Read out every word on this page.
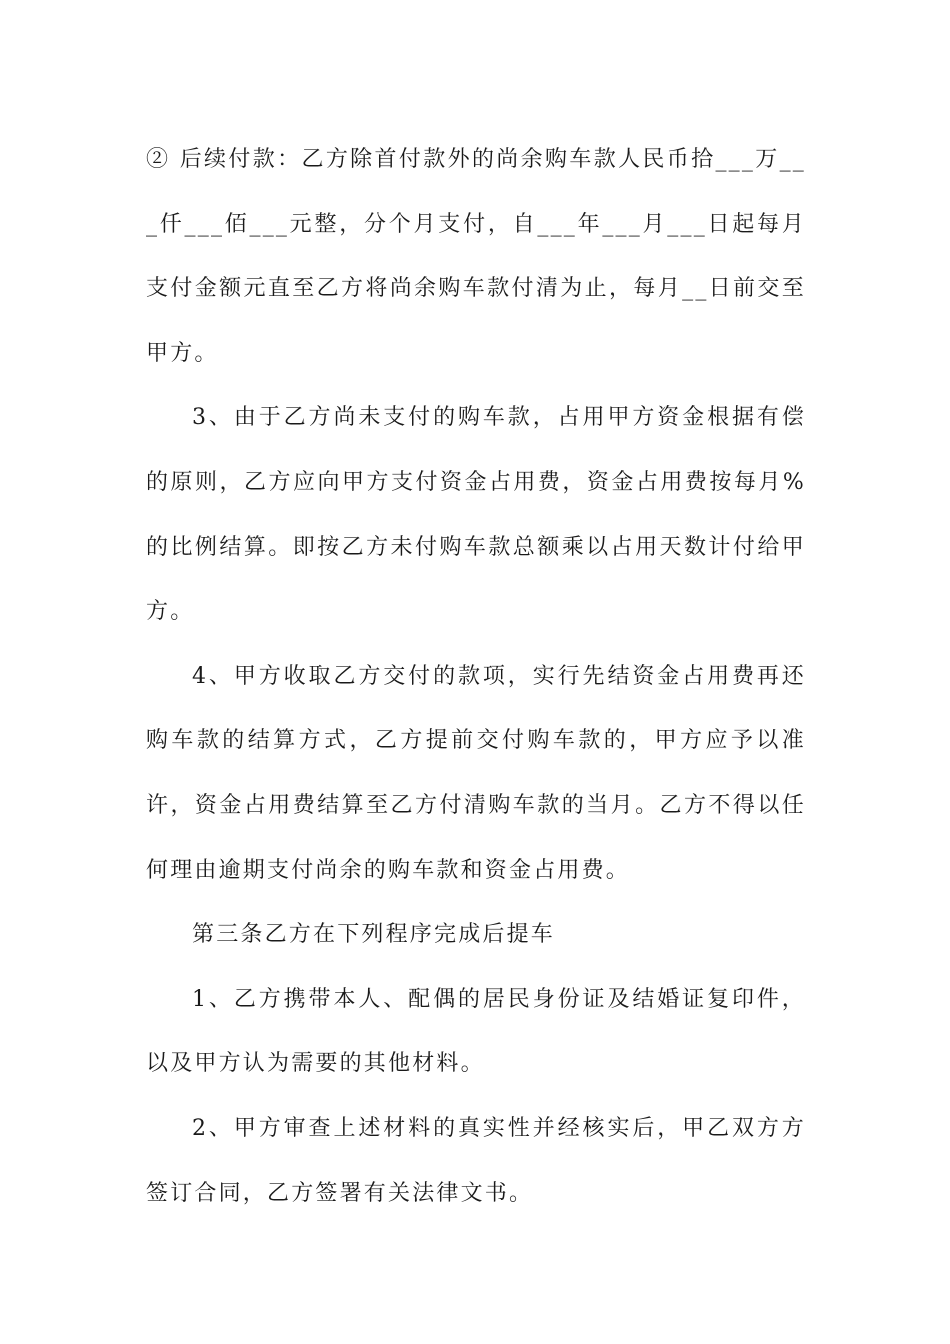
② 后续付款：乙方除首付款外的尚余购车款人民币拾___万___仟___佰___元整，分个月支付，自___年___月___日起每月支付金额元直至乙方将尚余购车款付清为止，每月__日前交至甲方。

3、由于乙方尚未支付的购车款，占用甲方资金根据有偿的原则，乙方应向甲方支付资金占用费，资金占用费按每月%的比例结算。即按乙方未付购车款总额乘以占用天数计付给甲方。

4、甲方收取乙方交付的款项，实行先结资金占用费再还购车款的结算方式，乙方提前交付购车款的，甲方应予以准许，资金占用费结算至乙方付清购车款的当月。乙方不得以任何理由逾期支付尚余的购车款和资金占用费。

第三条乙方在下列程序完成后提车

1、乙方携带本人、配偶的居民身份证及结婚证复印件，以及甲方认为需要的其他材料。

2、甲方审查上述材料的真实性并经核实后，甲乙双方方签订合同，乙方签署有关法律文书。
